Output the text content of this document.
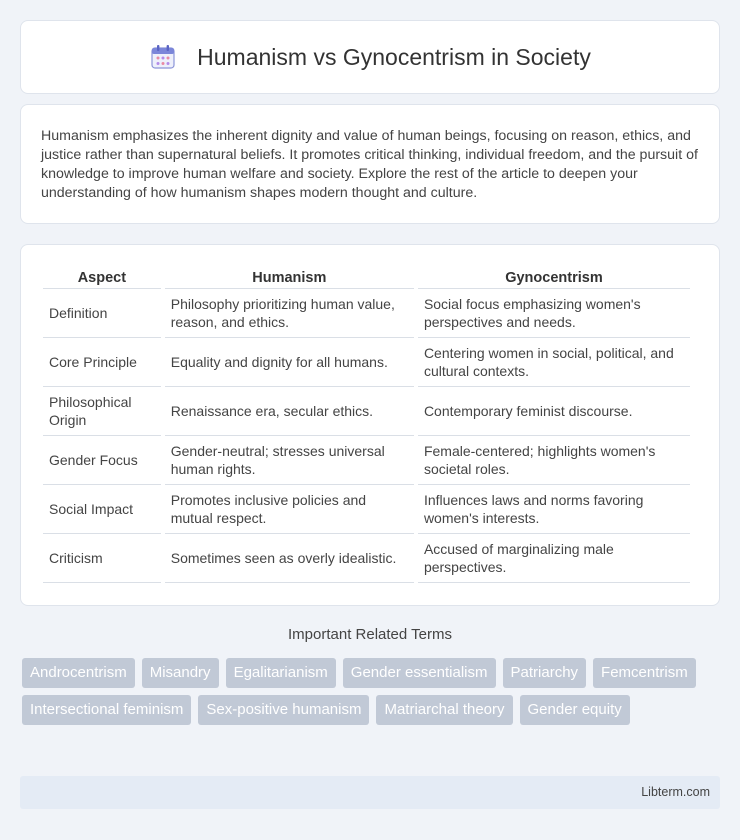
Humanism vs Gynocentrism in Society

Humanism emphasizes the inherent dignity and value of human beings, focusing on reason, ethics, and justice rather than supernatural beliefs. It promotes critical thinking, individual freedom, and the pursuit of knowledge to improve human welfare and society. Explore the rest of the article to deepen your understanding of how humanism shapes modern thought and culture.

Aspect	Humanism	Gynocentrism
Definition	Philosophy prioritizing human value, reason, and ethics.	Social focus emphasizing women's perspectives and needs.
Core Principle	Equality and dignity for all humans.	Centering women in social, political, and cultural contexts.
Philosophical Origin	Renaissance era, secular ethics.	Contemporary feminist discourse.
Gender Focus	Gender-neutral; stresses universal human rights.	Female-centered; highlights women's societal roles.
Social Impact	Promotes inclusive policies and mutual respect.	Influences laws and norms favoring women's interests.
Criticism	Sometimes seen as overly idealistic.	Accused of marginalizing male perspectives.
Important Related Terms
Androcentrism	Misandry	Egalitarianism	Gender essentialism	Patriarchy	Femcentrism
Intersectional feminism	Sex-positive humanism	Matriarchal theory	Gender equity
Libterm.com
